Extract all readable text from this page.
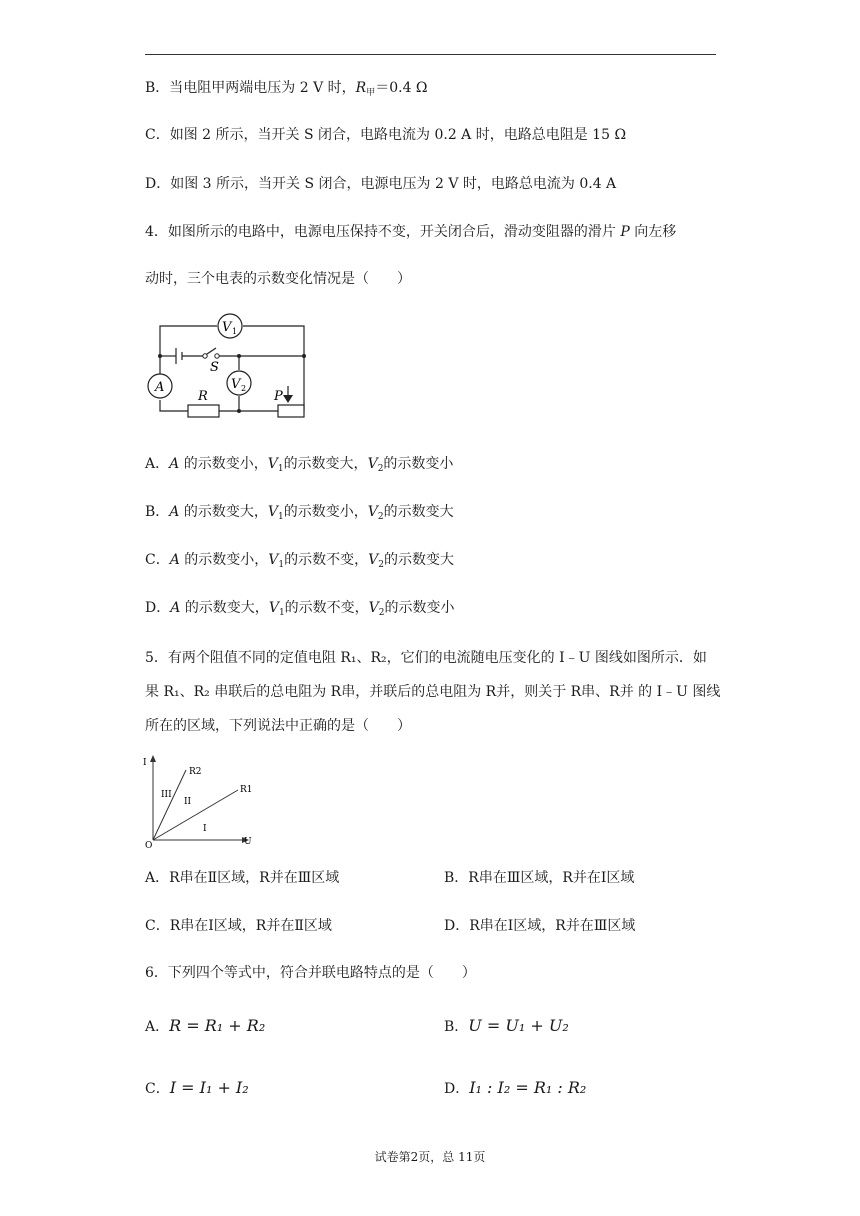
B．当电阻甲两端电压为 2 V 时，$R_甲=0.4$ Ω
C．如图 2 所示，当开关 S 闭合，电路电流为 0.2 A 时，电路总电阻是 15 Ω
D．如图 3 所示，当开关 S 闭合，电源电压为 2 V 时，电路总电流为 0.4 A
4．如图所示的电路中，电源电压保持不变，开关闭合后，滑动变阻器的滑片 P 向左移
动时，三个电表的示数变化情况是（　　）
V 1
A	V 2
R	P
S
A．A 的示数变小，$V_1$的示数变大，$V_2$的示数变小
B．A 的示数变大，$V_1$的示数变小，$V_2$的示数变大
C．A 的示数变小，$V_1$的示数不变，$V_2$的示数变大
D．A 的示数变大，$V_1$的示数不变，$V_2$的示数变小
5．有两个阻值不同的定值电阻 R₁、R₂，它们的电流随电压变化的 I﹣U 图线如图所示．如
果 R₁、R₂ 串联后的总电阻为 R串，并联后的总电阻为 R并，则关于 R串、R并 的 I﹣U 图线
所在的区域，下列说法中正确的是（　　）
I
U
O
R1
R2
III
II
I
A．R串在Ⅱ区域，R并在Ⅲ区域	B．R串在Ⅲ区域，R并在Ⅰ区域
C．R串在Ⅰ区域，R并在Ⅱ区域	D．R串在Ⅰ区域，R并在Ⅲ区域
6．下列四个等式中，符合并联电路特点的是（　　）
A．R = R₁ + R₂	B．U = U₁ + U₂
C．I = I₁ + I₂	D．I₁ : I₂ = R₁ : R₂
试卷第2页，总 11页
